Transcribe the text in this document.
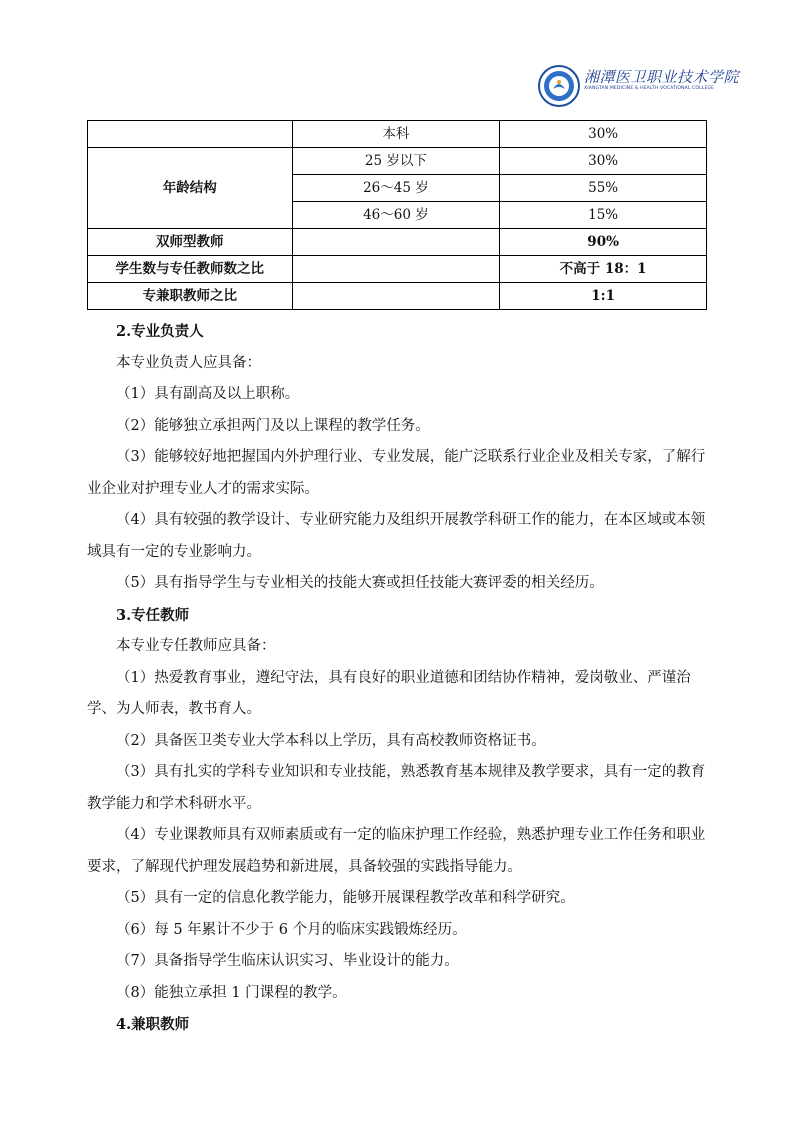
湘潭医卫职业技术学院
XIANGTAN MEDICINE & HEALTH VOCATIONAL COLLEGE
	本科	30%
年龄结构	25 岁以下	30%
	26～45 岁	55%
	46～60 岁	15%
双师型教师		90%
学生数与专任教师数之比		不高于 18：1
专兼职教师之比		1:1

2.专业负责人

本专业负责人应具备：

（1）具有副高及以上职称。

（2）能够独立承担两门及以上课程的教学任务。

（3）能够较好地把握国内外护理行业、专业发展，能广泛联系行业企业及相关专家，了解行业企业对护理专业人才的需求实际。

（4）具有较强的教学设计、专业研究能力及组织开展教学科研工作的能力，在本区域或本领域具有一定的专业影响力。

（5）具有指导学生与专业相关的技能大赛或担任技能大赛评委的相关经历。

3.专任教师

本专业专任教师应具备：

（1）热爱教育事业，遵纪守法，具有良好的职业道德和团结协作精神，爱岗敬业、严谨治学、为人师表，教书育人。

（2）具备医卫类专业大学本科以上学历，具有高校教师资格证书。

（3）具有扎实的学科专业知识和专业技能，熟悉教育基本规律及教学要求，具有一定的教育教学能力和学术科研水平。

（4）专业课教师具有双师素质或有一定的临床护理工作经验，熟悉护理专业工作任务和职业要求，了解现代护理发展趋势和新进展，具备较强的实践指导能力。

（5）具有一定的信息化教学能力，能够开展课程教学改革和科学研究。

（6）每 5 年累计不少于 6 个月的临床实践锻炼经历。

（7）具备指导学生临床认识实习、毕业设计的能力。

（8）能独立承担 1 门课程的教学。

4.兼职教师
